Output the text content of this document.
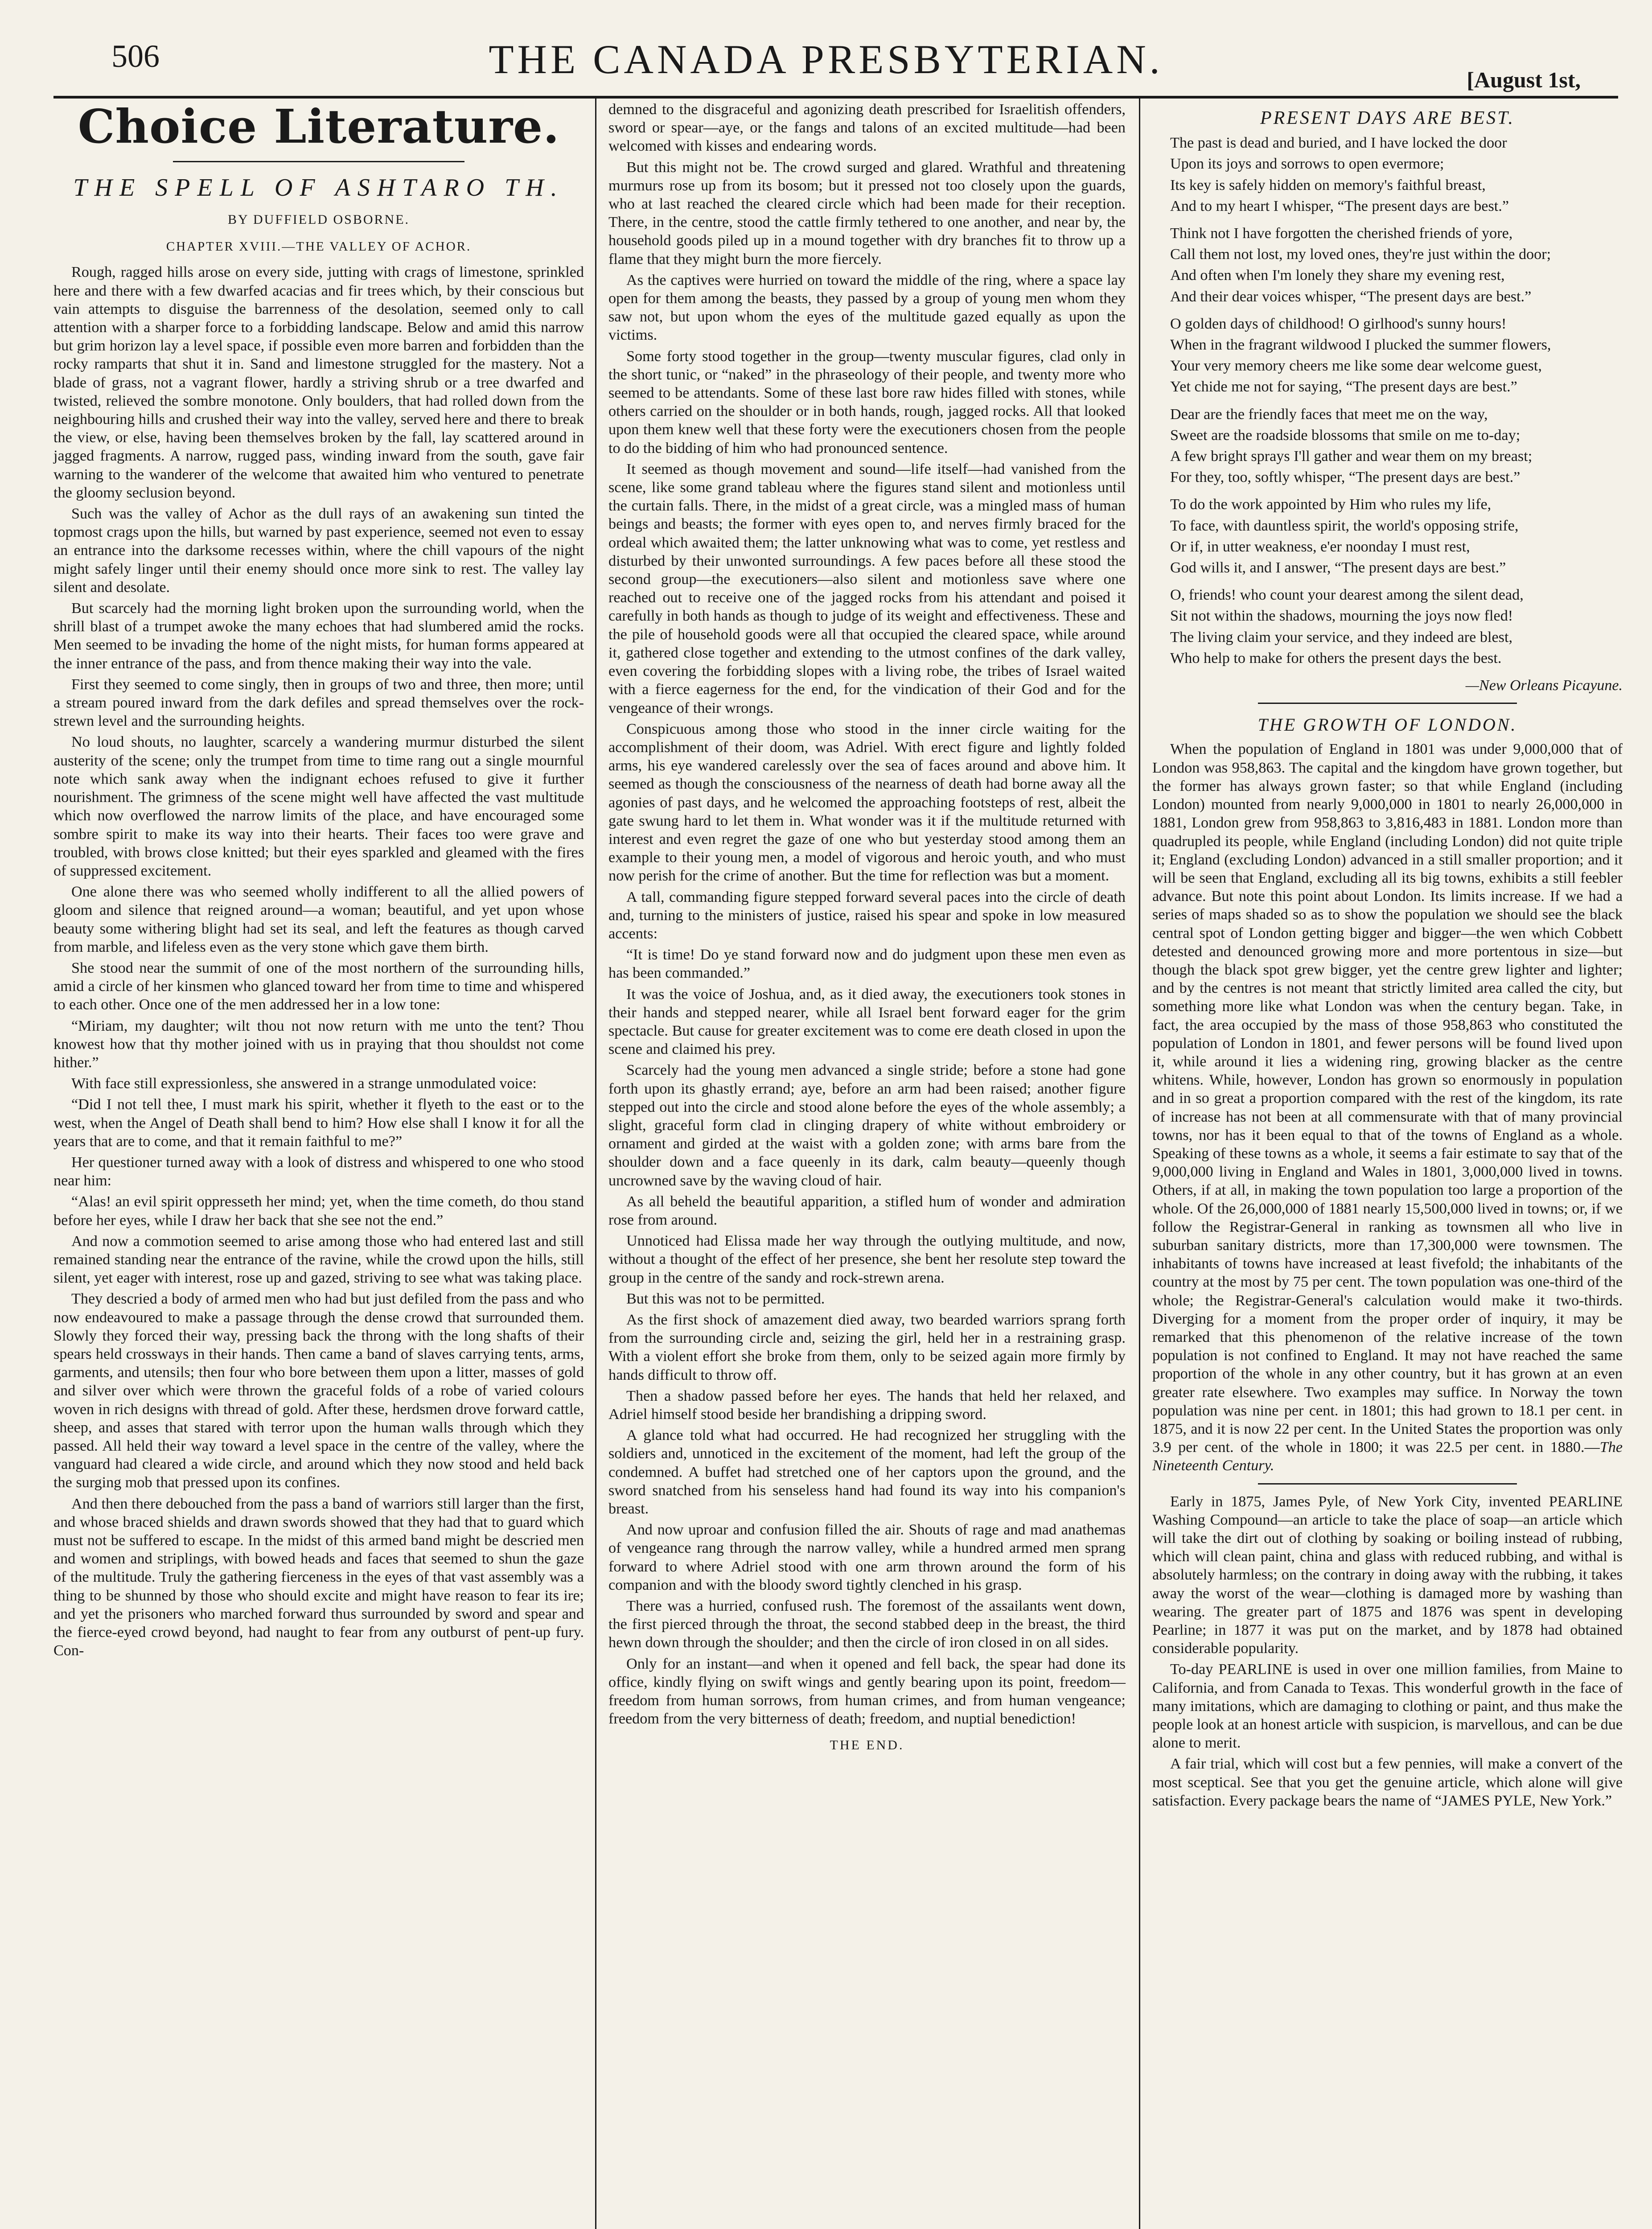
506	THE CANADA PRESBYTERIAN.	[August 1st,
Choice Literature.
THE SPELL OF ASHTARO TH.
BY DUFFIELD OSBORNE.
CHAPTER XVIII.—THE VALLEY OF ACHOR.

Rough, ragged hills arose on every side, jutting with crags of limestone, sprinkled here and there with a few dwarfed acacias and fir trees which, by their conscious but vain attempts to disguise the barrenness of the desolation, seemed only to call attention with a sharper force to a forbidding landscape. Below and amid this narrow but grim horizon lay a level space, if possible even more barren and forbidden than the rocky ramparts that shut it in. Sand and limestone struggled for the mastery. Not a blade of grass, not a vagrant flower, hardly a striving shrub or a tree dwarfed and twisted, relieved the sombre monotone. Only boulders, that had rolled down from the neighbouring hills and crushed their way into the valley, served here and there to break the view, or else, having been themselves broken by the fall, lay scattered around in jagged fragments. A narrow, rugged pass, winding inward from the south, gave fair warning to the wanderer of the welcome that awaited him who ventured to penetrate the gloomy seclusion beyond.

Such was the valley of Achor as the dull rays of an awakening sun tinted the topmost crags upon the hills, but warned by past experience, seemed not even to essay an entrance into the darksome recesses within, where the chill vapours of the night might safely linger until their enemy should once more sink to rest. The valley lay silent and desolate.

But scarcely had the morning light broken upon the surrounding world, when the shrill blast of a trumpet awoke the many echoes that had slumbered amid the rocks. Men seemed to be invading the home of the night mists, for human forms appeared at the inner entrance of the pass, and from thence making their way into the vale.

First they seemed to come singly, then in groups of two and three, then more; until a stream poured inward from the dark defiles and spread themselves over the rock-strewn level and the surrounding heights.

No loud shouts, no laughter, scarcely a wandering murmur disturbed the silent austerity of the scene; only the trumpet from time to time rang out a single mournful note which sank away when the indignant echoes refused to give it further nourishment. The grimness of the scene might well have affected the vast multitude which now overflowed the narrow limits of the place, and have encouraged some sombre spirit to make its way into their hearts. Their faces too were grave and troubled, with brows close knitted; but their eyes sparkled and gleamed with the fires of suppressed excitement.

One alone there was who seemed wholly indifferent to all the allied powers of gloom and silence that reigned around—a woman; beautiful, and yet upon whose beauty some withering blight had set its seal, and left the features as though carved from marble, and lifeless even as the very stone which gave them birth.

She stood near the summit of one of the most northern of the surrounding hills, amid a circle of her kinsmen who glanced toward her from time to time and whispered to each other. Once one of the men addressed her in a low tone:

“Miriam, my daughter; wilt thou not now return with me unto the tent? Thou knowest how that thy mother joined with us in praying that thou shouldst not come hither.”

With face still expressionless, she answered in a strange unmodulated voice:

“Did I not tell thee, I must mark his spirit, whether it flyeth to the east or to the west, when the Angel of Death shall bend to him? How else shall I know it for all the years that are to come, and that it remain faithful to me?”

Her questioner turned away with a look of distress and whispered to one who stood near him:

“Alas! an evil spirit oppresseth her mind; yet, when the time cometh, do thou stand before her eyes, while I draw her back that she see not the end.”

And now a commotion seemed to arise among those who had entered last and still remained standing near the entrance of the ravine, while the crowd upon the hills, still silent, yet eager with interest, rose up and gazed, striving to see what was taking place.

They descried a body of armed men who had but just defiled from the pass and who now endeavoured to make a passage through the dense crowd that surrounded them. Slowly they forced their way, pressing back the throng with the long shafts of their spears held crossways in their hands. Then came a band of slaves carrying tents, arms, garments, and utensils; then four who bore between them upon a litter, masses of gold and silver over which were thrown the graceful folds of a robe of varied colours woven in rich designs with thread of gold. After these, herdsmen drove forward cattle, sheep, and asses that stared with terror upon the human walls through which they passed. All held their way toward a level space in the centre of the valley, where the vanguard had cleared a wide circle, and around which they now stood and held back the surging mob that pressed upon its confines.

And then there debouched from the pass a band of warriors still larger than the first, and whose braced shields and drawn swords showed that they had that to guard which must not be suffered to escape. In the midst of this armed band might be descried men and women and striplings, with bowed heads and faces that seemed to shun the gaze of the multitude. Truly the gathering fierceness in the eyes of that vast assembly was a thing to be shunned by those who should excite and might have reason to fear its ire; and yet the prisoners who marched forward thus surrounded by sword and spear and the fierce-eyed crowd beyond, had naught to fear from any outburst of pent-up fury. Con-

demned to the disgraceful and agonizing death prescribed for Israelitish offenders, sword or spear—aye, or the fangs and talons of an excited multitude—had been welcomed with kisses and endearing words.

But this might not be. The crowd surged and glared. Wrathful and threatening murmurs rose up from its bosom; but it pressed not too closely upon the guards, who at last reached the cleared circle which had been made for their reception. There, in the centre, stood the cattle firmly tethered to one another, and near by, the household goods piled up in a mound together with dry branches fit to throw up a flame that they might burn the more fiercely.

As the captives were hurried on toward the middle of the ring, where a space lay open for them among the beasts, they passed by a group of young men whom they saw not, but upon whom the eyes of the multitude gazed equally as upon the victims.

Some forty stood together in the group—twenty muscular figures, clad only in the short tunic, or “naked” in the phraseology of their people, and twenty more who seemed to be attendants. Some of these last bore raw hides filled with stones, while others carried on the shoulder or in both hands, rough, jagged rocks. All that looked upon them knew well that these forty were the executioners chosen from the people to do the bidding of him who had pronounced sentence.

It seemed as though movement and sound—life itself—had vanished from the scene, like some grand tableau where the figures stand silent and motionless until the curtain falls. There, in the midst of a great circle, was a mingled mass of human beings and beasts; the former with eyes open to, and nerves firmly braced for the ordeal which awaited them; the latter unknowing what was to come, yet restless and disturbed by their unwonted surroundings. A few paces before all these stood the second group—the executioners—also silent and motionless save where one reached out to receive one of the jagged rocks from his attendant and poised it carefully in both hands as though to judge of its weight and effectiveness. These and the pile of household goods were all that occupied the cleared space, while around it, gathered close together and extending to the utmost confines of the dark valley, even covering the forbidding slopes with a living robe, the tribes of Israel waited with a fierce eagerness for the end, for the vindication of their God and for the vengeance of their wrongs.

Conspicuous among those who stood in the inner circle waiting for the accomplishment of their doom, was Adriel. With erect figure and lightly folded arms, his eye wandered carelessly over the sea of faces around and above him. It seemed as though the consciousness of the nearness of death had borne away all the agonies of past days, and he welcomed the approaching footsteps of rest, albeit the gate swung hard to let them in. What wonder was it if the multitude returned with interest and even regret the gaze of one who but yesterday stood among them an example to their young men, a model of vigorous and heroic youth, and who must now perish for the crime of another. But the time for reflection was but a moment.

A tall, commanding figure stepped forward several paces into the circle of death and, turning to the ministers of justice, raised his spear and spoke in low measured accents:

“It is time! Do ye stand forward now and do judgment upon these men even as has been commanded.”

It was the voice of Joshua, and, as it died away, the executioners took stones in their hands and stepped nearer, while all Israel bent forward eager for the grim spectacle. But cause for greater excitement was to come ere death closed in upon the scene and claimed his prey.

Scarcely had the young men advanced a single stride; before a stone had gone forth upon its ghastly errand; aye, before an arm had been raised; another figure stepped out into the circle and stood alone before the eyes of the whole assembly; a slight, graceful form clad in clinging drapery of white without embroidery or ornament and girded at the waist with a golden zone; with arms bare from the shoulder down and a face queenly in its dark, calm beauty—queenly though uncrowned save by the waving cloud of hair.

As all beheld the beautiful apparition, a stifled hum of wonder and admiration rose from around.

Unnoticed had Elissa made her way through the outlying multitude, and now, without a thought of the effect of her presence, she bent her resolute step toward the group in the centre of the sandy and rock-strewn arena.

But this was not to be permitted.

As the first shock of amazement died away, two bearded warriors sprang forth from the surrounding circle and, seizing the girl, held her in a restraining grasp. With a violent effort she broke from them, only to be seized again more firmly by hands difficult to throw off.

Then a shadow passed before her eyes. The hands that held her relaxed, and Adriel himself stood beside her brandishing a dripping sword.

A glance told what had occurred. He had recognized her struggling with the soldiers and, unnoticed in the excitement of the moment, had left the group of the condemned. A buffet had stretched one of her captors upon the ground, and the sword snatched from his senseless hand had found its way into his companion's breast.

And now uproar and confusion filled the air. Shouts of rage and mad anathemas of vengeance rang through the narrow valley, while a hundred armed men sprang forward to where Adriel stood with one arm thrown around the form of his companion and with the bloody sword tightly clenched in his grasp.

There was a hurried, confused rush. The foremost of the assailants went down, the first pierced through the throat, the second stabbed deep in the breast, the third hewn down through the shoulder; and then the circle of iron closed in on all sides.

Only for an instant—and when it opened and fell back, the spear had done its office, kindly flying on swift wings and gently bearing upon its point, freedom—freedom from human sorrows, from human crimes, and from human vengeance; freedom from the very bitterness of death; freedom, and nuptial benediction!

THE END.
PRESENT DAYS ARE BEST.

The past is dead and buried, and I have locked the door

Upon its joys and sorrows to open evermore;

Its key is safely hidden on memory's faithful breast,

And to my heart I whisper, “The present days are best.”

Think not I have forgotten the cherished friends of yore,

Call them not lost, my loved ones, they're just within the door;

And often when I'm lonely they share my evening rest,

And their dear voices whisper, “The present days are best.”

O golden days of childhood! O girlhood's sunny hours!

When in the fragrant wildwood I plucked the summer flowers,

Your very memory cheers me like some dear welcome guest,

Yet chide me not for saying, “The present days are best.”

Dear are the friendly faces that meet me on the way,

Sweet are the roadside blossoms that smile on me to-day;

A few bright sprays I'll gather and wear them on my breast;

For they, too, softly whisper, “The present days are best.”

To do the work appointed by Him who rules my life,

To face, with dauntless spirit, the world's opposing strife,

Or if, in utter weakness, e'er noonday I must rest,

God wills it, and I answer, “The present days are best.”

O, friends! who count your dearest among the silent dead,

Sit not within the shadows, mourning the joys now fled!

The living claim your service, and they indeed are blest,

Who help to make for others the present days the best.

—New Orleans Picayune.
THE GROWTH OF LONDON.

When the population of England in 1801 was under 9,000,000 that of London was 958,863. The capital and the kingdom have grown together, but the former has always grown faster; so that while England (including London) mounted from nearly 9,000,000 in 1801 to nearly 26,000,000 in 1881, London grew from 958,863 to 3,816,483 in 1881. London more than quadrupled its people, while England (including London) did not quite triple it; England (excluding London) advanced in a still smaller proportion; and it will be seen that England, excluding all its big towns, exhibits a still feebler advance. But note this point about London. Its limits increase. If we had a series of maps shaded so as to show the population we should see the black central spot of London getting bigger and bigger—the wen which Cobbett detested and denounced growing more and more portentous in size—but though the black spot grew bigger, yet the centre grew lighter and lighter; and by the centres is not meant that strictly limited area called the city, but something more like what London was when the century began. Take, in fact, the area occupied by the mass of those 958,863 who constituted the population of London in 1801, and fewer persons will be found lived upon it, while around it lies a widening ring, growing blacker as the centre whitens. While, however, London has grown so enormously in population and in so great a proportion compared with the rest of the kingdom, its rate of increase has not been at all commensurate with that of many provincial towns, nor has it been equal to that of the towns of England as a whole. Speaking of these towns as a whole, it seems a fair estimate to say that of the 9,000,000 living in England and Wales in 1801, 3,000,000 lived in towns. Others, if at all, in making the town population too large a proportion of the whole. Of the 26,000,000 of 1881 nearly 15,500,000 lived in towns; or, if we follow the Registrar-General in ranking as townsmen all who live in suburban sanitary districts, more than 17,300,000 were townsmen. The inhabitants of towns have increased at least fivefold; the inhabitants of the country at the most by 75 per cent. The town population was one-third of the whole; the Registrar-General's calculation would make it two-thirds. Diverging for a moment from the proper order of inquiry, it may be remarked that this phenomenon of the relative increase of the town population is not confined to England. It may not have reached the same proportion of the whole in any other country, but it has grown at an even greater rate elsewhere. Two examples may suffice. In Norway the town population was nine per cent. in 1801; this had grown to 18.1 per cent. in 1875, and it is now 22 per cent. In the United States the proportion was only 3.9 per cent. of the whole in 1800; it was 22.5 per cent. in 1880.—The Nineteenth Century.

Early in 1875, James Pyle, of New York City, invented PEARLINE Washing Compound—an article to take the place of soap—an article which will take the dirt out of clothing by soaking or boiling instead of rubbing, which will clean paint, china and glass with reduced rubbing, and withal is absolutely harmless; on the contrary in doing away with the rubbing, it takes away the worst of the wear—clothing is damaged more by washing than wearing. The greater part of 1875 and 1876 was spent in developing Pearline; in 1877 it was put on the market, and by 1878 had obtained considerable popularity.

To-day PEARLINE is used in over one million families, from Maine to California, and from Canada to Texas. This wonderful growth in the face of many imitations, which are damaging to clothing or paint, and thus make the people look at an honest article with suspicion, is marvellous, and can be due alone to merit.

A fair trial, which will cost but a few pennies, will make a convert of the most sceptical. See that you get the genuine article, which alone will give satisfaction. Every package bears the name of “JAMES PYLE, New York.”
